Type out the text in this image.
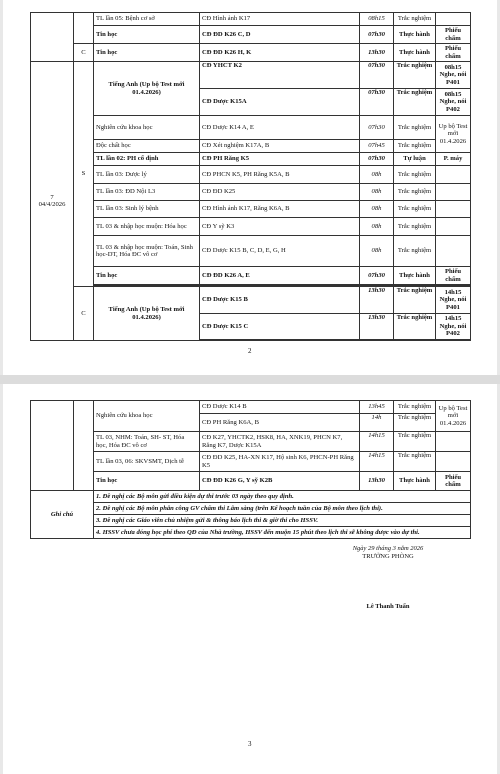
		TL lần 05: Bệnh cơ sở	CĐ Hình ảnh K17	08h15	Trắc nghiệm	
		Tin học	CĐ ĐD K26 C, D	07h30	Thực hành	Phiếu chấm
	C	Tin học	CĐ ĐD K26 H, K	13h30	Thực hành	Phiếu chấm

7
04/4/2026	S	Tiếng Anh (Up bộ Test mới 01.4.2026)	CĐ YHCT K2	07h30	Trắc nghiệm	08h15 Nghe, nói P401
			CĐ Dược K15A	07h30	Trắc nghiệm	08h15 Nghe, nói P402
		Nghiên cứu khoa học	CĐ Dược K14 A, E	07h30	Trắc nghiệm	Up bộ Test mới 01.4.2026
		Độc chất học	CĐ Xét nghiệm K17A, B	07h45	Trắc nghiệm	
		TL lần 02: PH cố định	CĐ PH Răng K5	07h30	Tự luận	P. máy
		TL lần 03: Dược lý	CĐ PHCN K5, PH Răng K5A, B	08h	Trắc nghiệm	
		TL lần 03: ĐD Nội L3	CĐ ĐD K25	08h	Trắc nghiệm	
		TL lần 03: Sinh lý bệnh	CĐ Hình ảnh K17, Răng K6A, B	08h	Trắc nghiệm	
		TL 03 & nhập học muộn: Hóa học	CĐ Y sỹ K3	08h	Trắc nghiệm	
		TL 03 & nhập học muộn: Toán, Sinh học-DT, Hóa ĐC vô cơ	CĐ Dược K15 B, C, D, E, G, H	08h	Trắc nghiệm	
		Tin học	CĐ ĐD K26 A, E	07h30	Thực hành	Phiếu chấm

	C	Tiếng Anh (Up bộ Test mới 01.4.2026)	CĐ Dược K15 B	13h30	Trắc nghiệm	14h15 Nghe, nói P401
			CĐ Dược K15 C	13h30	Trắc nghiệm	14h15 Nghe, nói P402

2
		Nghiên cứu khoa học	CĐ Dược K14 B	13h45	Trắc nghiệm	Up bộ Test mới 01.4.2026
			CĐ PH Răng K6A, B	14h	Trắc nghiệm	
		TL 03, NHM: Toán, SH- ST, Hóa học, Hóa ĐC vô cơ	CĐ K27, YHCTK2, HSK8, HA, XNK19, PHCN K7, Răng K7, Dược K15A	14h15	Trắc nghiệm	
		TL lần 03, 06: SKVSMT, Dịch tễ	CĐ ĐD K25, HA-XN K17, Hộ sinh K6, PHCN-PH Răng K5	14h15	Trắc nghiệm	
		Tin học	CĐ ĐD K26 G, Y sỹ K2B	13h30	Thực hành	Phiếu chấm
Ghi chú		1. Đề nghị các Bộ môn gửi điều kiện dự thi trước 03 ngày theo quy định.				
		2. Đề nghị các Bộ môn phân công GV chấm thi Lâm sàng (trên Kế hoạch tuần của Bộ môn theo lịch thi).				
		3. Đề nghị các Giáo viên chủ nhiệm gửi & thông báo lịch thi & giờ thi cho HSSV.				
		4. HSSV chưa đóng học phí theo QĐ của Nhà trường, HSSV đến muộn 15 phút theo lịch thi sẽ không được vào dự thi.				
Ngày 29 tháng 3 năm 2026
TRƯỞNG PHÒNG
Lê Thanh Tuấn
3
